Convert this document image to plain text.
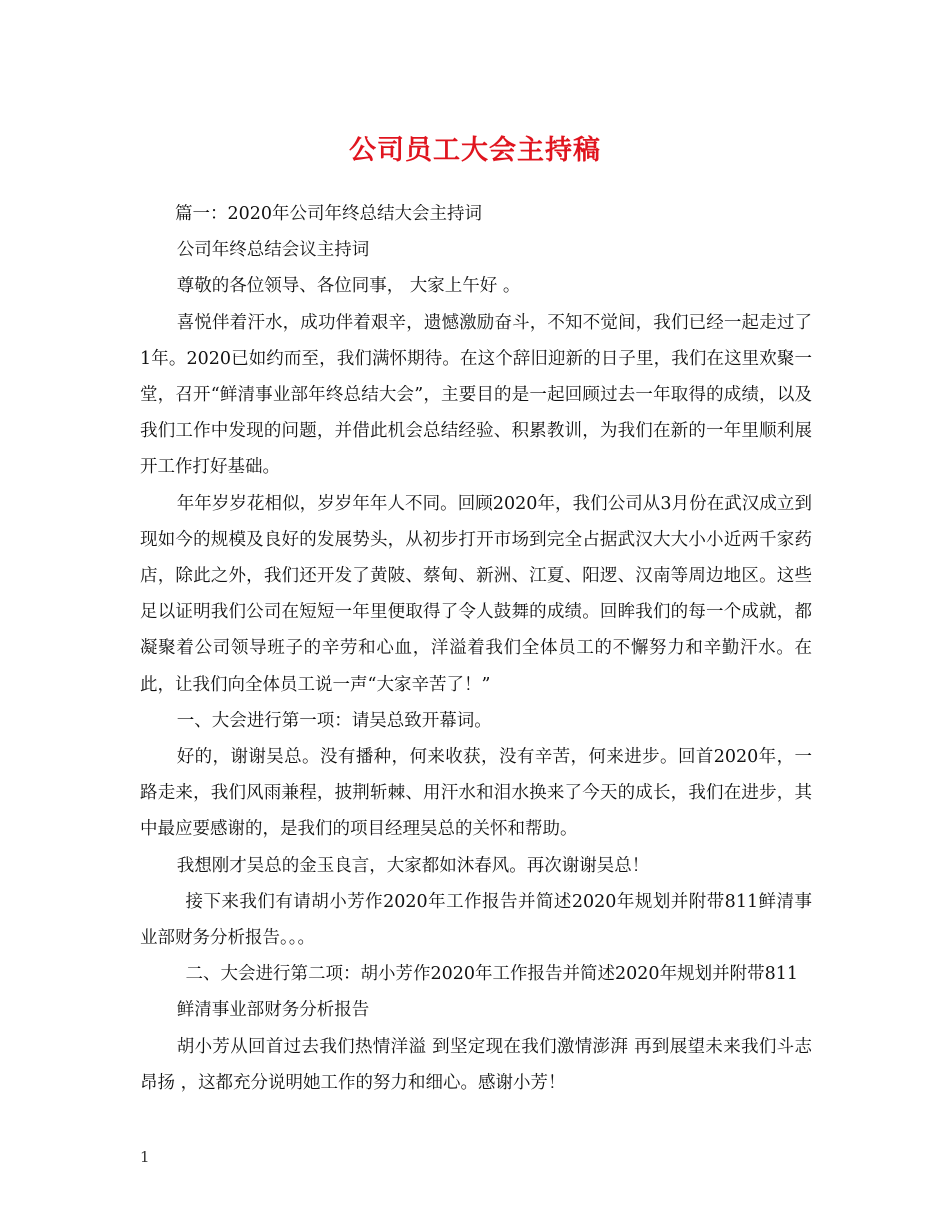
公司员工大会主持稿

篇一：2020年公司年终总结大会主持词

公司年终总结会议主持词

尊敬的各位领导、各位同事， 大家上午好 。

喜悦伴着汗水，成功伴着艰辛，遗憾激励奋斗，不知不觉间，我们已经一起走过了1年。2020已如约而至，我们满怀期待。在这个辞旧迎新的日子里，我们在这里欢聚一堂，召开“鲜清事业部年终总结大会”，主要目的是一起回顾过去一年取得的成绩，以及我们工作中发现的问题，并借此机会总结经验、积累教训，为我们在新的一年里顺利展开工作打好基础。

年年岁岁花相似，岁岁年年人不同。回顾2020年，我们公司从3月份在武汉成立到现如今的规模及良好的发展势头，从初步打开市场到完全占据武汉大大小小近两千家药店，除此之外，我们还开发了黄陂、蔡甸、新洲、江夏、阳逻、汉南等周边地区。这些足以证明我们公司在短短一年里便取得了令人鼓舞的成绩。回眸我们的每一个成就，都凝聚着公司领导班子的辛劳和心血，洋溢着我们全体员工的不懈努力和辛勤汗水。在此，让我们向全体员工说一声“大家辛苦了！”

一、大会进行第一项：请吴总致开幕词。

好的，谢谢吴总。没有播种，何来收获，没有辛苦，何来进步。回首2020年，一路走来，我们风雨兼程，披荆斩棘、用汗水和泪水换来了今天的成长，我们在进步，其中最应要感谢的，是我们的项目经理吴总的关怀和帮助。

我想刚才吴总的金玉良言，大家都如沐春风。再次谢谢吴总！

接下来我们有请胡小芳作2020年工作报告并简述2020年规划并附带811鲜清事业部财务分析报告。。。

二、大会进行第二项：胡小芳作2020年工作报告并简述2020年规划并附带811

鲜清事业部财务分析报告

胡小芳从回首过去我们热情洋溢 到坚定现在我们激情澎湃 再到展望未来我们斗志昂扬 ，这都充分说明她工作的努力和细心。感谢小芳！

1
